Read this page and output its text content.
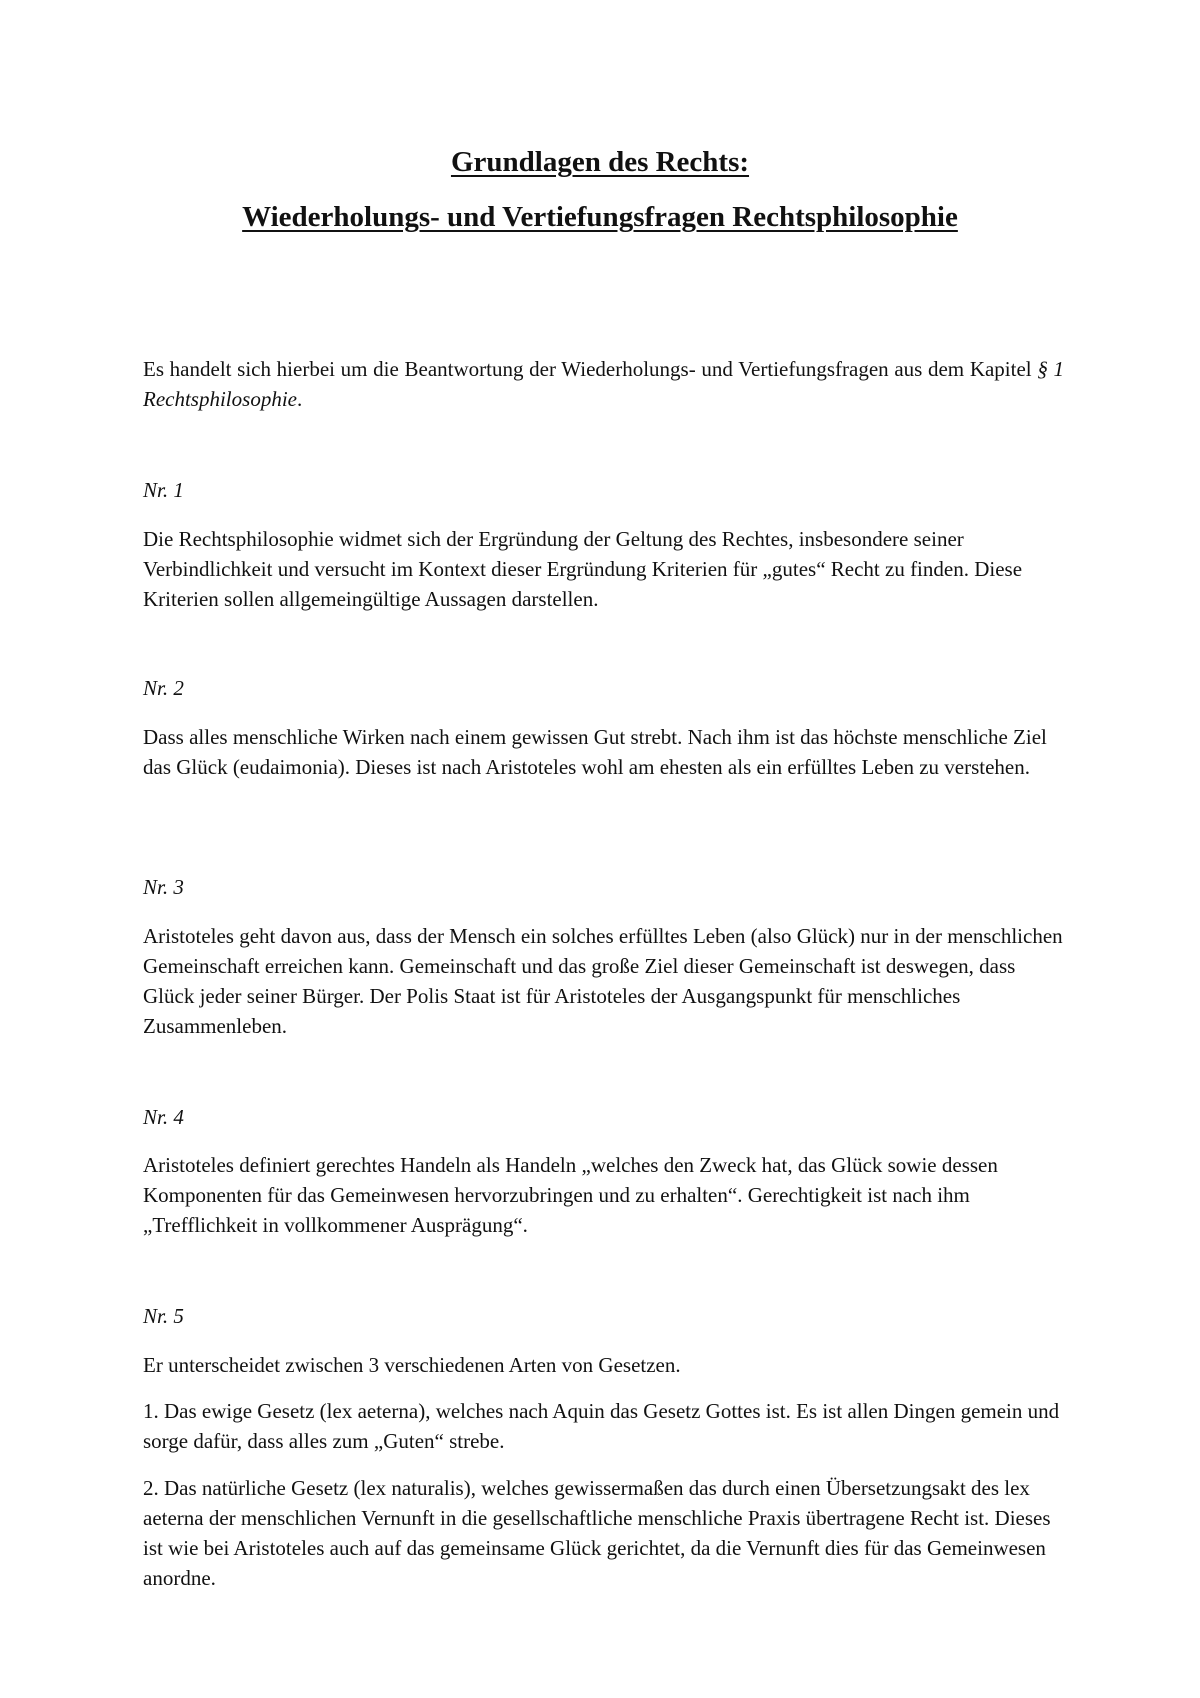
Grundlagen des Rechts:
Wiederholungs- und Vertiefungsfragen Rechtsphilosophie

Es handelt sich hierbei um die Beantwortung der Wiederholungs- und Vertiefungsfragen aus dem Kapitel § 1 Rechtsphilosophie.

Nr. 1

Die Rechtsphilosophie widmet sich der Ergründung der Geltung des Rechtes, insbesondere seiner Verbindlichkeit und versucht im Kontext dieser Ergründung Kriterien für „gutes“ Recht zu finden. Diese Kriterien sollen allgemeingültige Aussagen darstellen.

Nr. 2

Dass alles menschliche Wirken nach einem gewissen Gut strebt. Nach ihm ist das höchste menschliche Ziel das Glück (eudaimonia). Dieses ist nach Aristoteles wohl am ehesten als ein erfülltes Leben zu verstehen.

Nr. 3

Aristoteles geht davon aus, dass der Mensch ein solches erfülltes Leben (also Glück) nur in der menschlichen Gemeinschaft erreichen kann. Gemeinschaft und das große Ziel dieser Gemeinschaft ist deswegen, dass Glück jeder seiner Bürger. Der Polis Staat ist für Aristoteles der Ausgangspunkt für menschliches Zusammenleben.

Nr. 4

Aristoteles definiert gerechtes Handeln als Handeln „welches den Zweck hat, das Glück sowie dessen Komponenten für das Gemeinwesen hervorzubringen und zu erhalten“. Gerechtigkeit ist nach ihm „Trefflichkeit in vollkommener Ausprägung“.

Nr. 5

Er unterscheidet zwischen 3 verschiedenen Arten von Gesetzen.

1. Das ewige Gesetz (lex aeterna), welches nach Aquin das Gesetz Gottes ist. Es ist allen Dingen gemein und sorge dafür, dass alles zum „Guten“ strebe.

2. Das natürliche Gesetz (lex naturalis), welches gewissermaßen das durch einen Übersetzungsakt des lex aeterna der menschlichen Vernunft in die gesellschaftliche menschliche Praxis übertragene Recht ist. Dieses ist wie bei Aristoteles auch auf das gemeinsame Glück gerichtet, da die Vernunft dies für das Gemeinwesen anordne.
